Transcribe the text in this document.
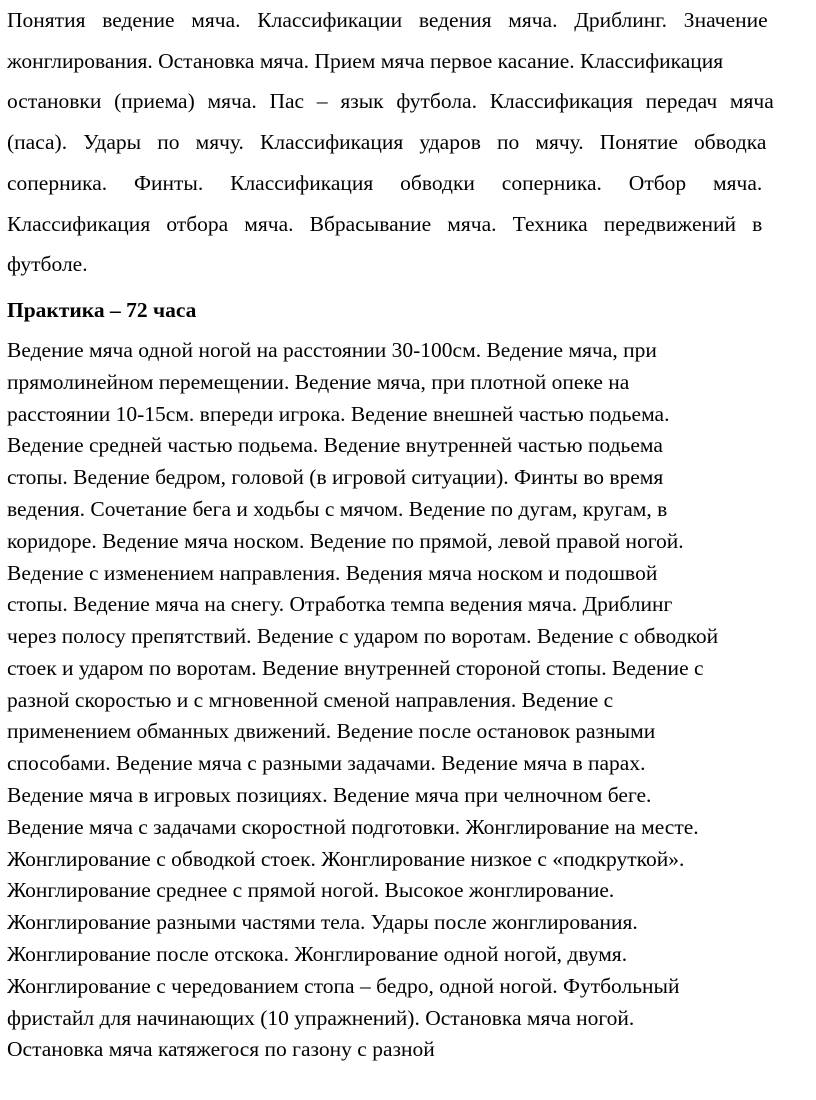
Понятия  ведение  мяча.  Классификации  ведения  мяча.  Дриблинг.  Значение
жонглирования. Остановка мяча. Прием мяча первое касание. Классификация
остановки  (приема)  мяча.  Пас  –  язык  футбола.  Классификация  передач  мяча
(паса).   Удары   по   мячу.   Классификация   ударов   по   мячу.   Понятие   обводка
соперника.     Финты.     Классификация     обводки     соперника.     Отбор     мяча.
Классификация   отбора   мяча.   Вбрасывание   мяча.   Техника   передвижений   в
футболе.
Практика – 72 часа
Ведение мяча одной ногой на расстоянии 30-100см. Ведение мяча, при
прямолинейном перемещении. Ведение мяча, при плотной опеке на
расстоянии 10-15см. впереди игрока. Ведение внешней частью подьема.
Ведение средней частью подьема. Ведение внутренней частью подьема
стопы. Ведение бедром, головой (в игровой ситуации). Финты во время
ведения. Сочетание бега и ходьбы с мячом. Ведение по дугам, кругам, в
коридоре. Ведение мяча носком. Ведение по прямой, левой правой ногой.
Ведение с изменением направления. Ведения мяча носком и подошвой
стопы. Ведение мяча на снегу. Отработка темпа ведения мяча. Дриблинг
через полосу препятствий. Ведение с ударом по воротам. Ведение с обводкой
стоек и ударом по воротам. Ведение внутренней стороной стопы. Ведение с
разной скоростью и с мгновенной сменой направления. Ведение с
применением обманных движений. Ведение после остановок разными
способами. Ведение мяча с разными задачами. Ведение мяча в парах.
Ведение мяча в игровых позициях. Ведение мяча при челночном беге.
Ведение мяча с задачами скоростной подготовки. Жонглирование на месте.
Жонглирование с обводкой стоек. Жонглирование низкое с «подкруткой».
Жонглирование среднее с прямой ногой. Высокое жонглирование.
Жонглирование разными частями тела. Удары после жонглирования.
Жонглирование после отскока. Жонглирование одной ногой, двумя.
Жонглирование с чередованием стопа – бедро, одной ногой. Футбольный
фристайл для начинающих (10 упражнений). Остановка мяча ногой.
Остановка мяча катяжегося по газону с разной
